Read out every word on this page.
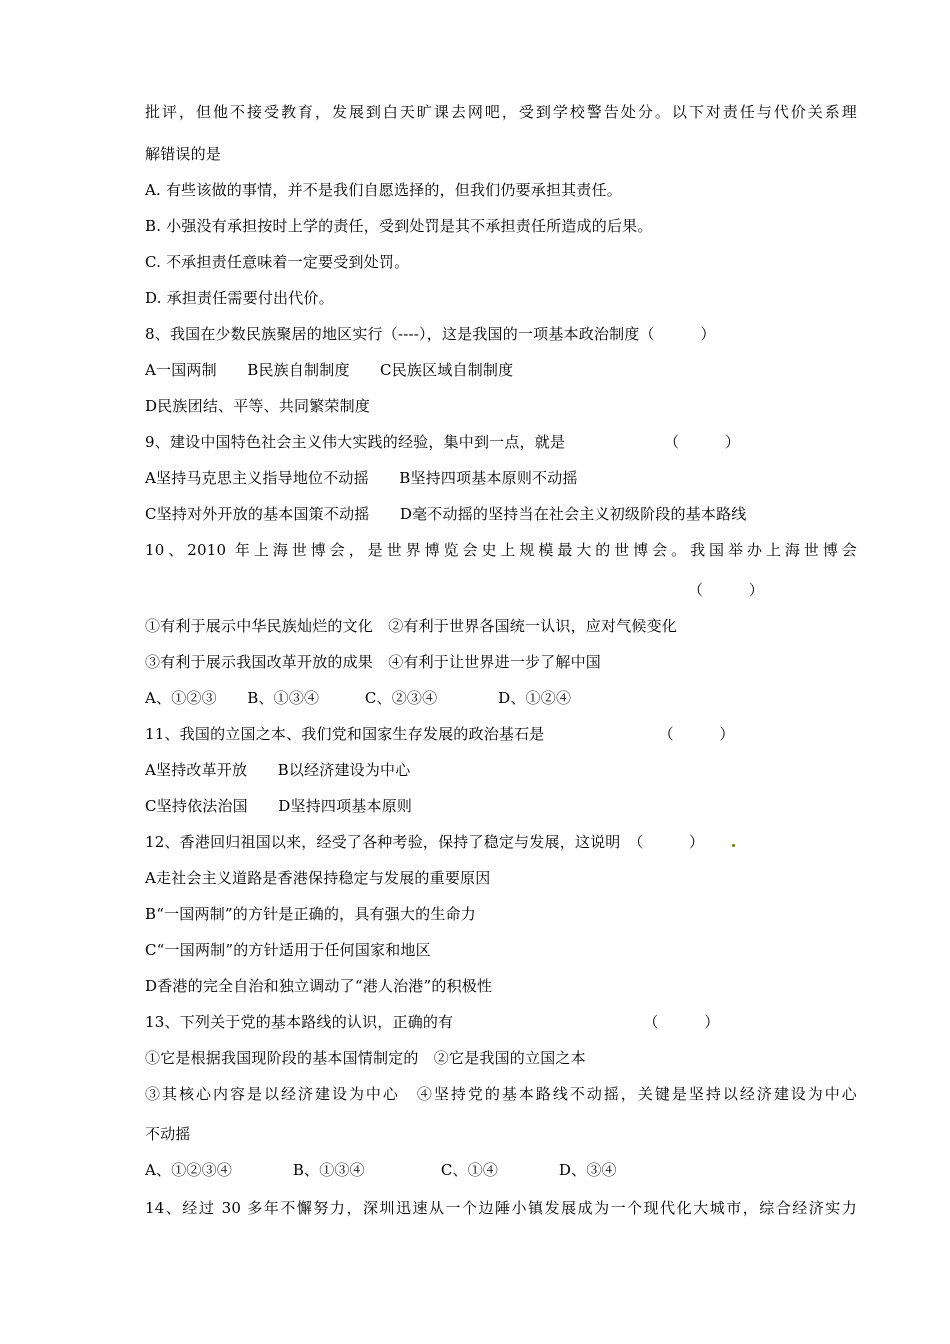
批评，但他不接受教育，发展到白天旷课去网吧，受到学校警告处分。以下对责任与代价关系理
解错误的是
A. 有些该做的事情，并不是我们自愿选择的，但我们仍要承担其责任。
B. 小强没有承担按时上学的责任，受到处罚是其不承担责任所造成的后果。
C. 不承担责任意味着一定要受到处罚。
D. 承担责任需要付出代价。
8、我国在少数民族聚居的地区实行（----），这是我国的一项基本政治制度（　　　）
A一国两制　　B民族自制制度　　C民族区域自制制度
D民族团结、平等、共同繁荣制度
9、建设中国特色社会主义伟大实践的经验，集中到一点，就是　　　　　　　（　　　）
A坚持马克思主义指导地位不动摇　　B坚持四项基本原则不动摇
C坚持对外开放的基本国策不动摇　　D毫不动摇的坚持当在社会主义初级阶段的基本路线
10、2010 年上海世博会，是世界博览会史上规模最大的世博会。我国举办上海世博会
（　　　）
①有利于展示中华民族灿烂的文化　②有利于世界各国统一认识，应对气候变化
③有利于展示我国改革开放的成果　④有利于让世界进一步了解中国
A、①②③　　B、①③④　　　C、②③④　　　　D、①②④
11、我国的立国之本、我们党和国家生存发展的政治基石是　　　　　　　　（　　　）
A坚持改革开放　　B以经济建设为中心
C坚持依法治国　　D坚持四项基本原则
12、香港回归祖国以来，经受了各种考验，保持了稳定与发展，这说明　（　　　）
A走社会主义道路是香港保持稳定与发展的重要原因
B“一国两制”的方针是正确的，具有强大的生命力
C“一国两制”的方针适用于任何国家和地区
D香港的完全自治和独立调动了“港人治港”的积极性
13、下列关于党的基本路线的认识，正确的有　　　　　　　　　　　　　（　　　）
①它是根据我国现阶段的基本国情制定的　②它是我国的立国之本
③其核心内容是以经济建设为中心　④坚持党的基本路线不动摇，关键是坚持以经济建设为中心
不动摇
A、①②③④　　　　B、①③④　　　　　C、①④　　　　D、③④
14、经过 30 多年不懈努力，深圳迅速从一个边陲小镇发展成为一个现代化大城市，综合经济实力
